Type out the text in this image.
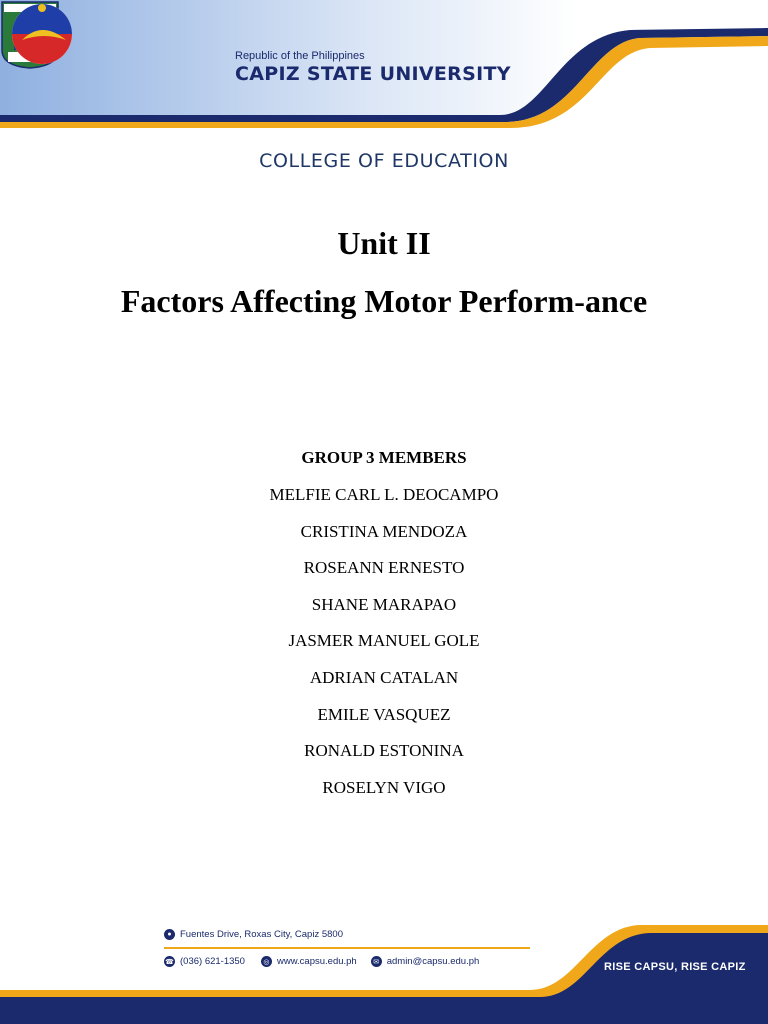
Republic of the Philippines
CAPIZ STATE UNIVERSITY
COLLEGE OF EDUCATION
Unit II
Factors Affecting Motor Perform-ance
GROUP 3 MEMBERS
MELFIE CARL L. DEOCAMPO
CRISTINA MENDOZA
ROSEANN ERNESTO
SHANE MARAPAO
JASMER MANUEL GOLE
ADRIAN CATALAN
EMILE VASQUEZ
RONALD ESTONINA
ROSELYN VIGO
● Fuentes Drive, Roxas City, Capiz 5800
☎ (036) 621-1350	◎ www.capsu.edu.ph	✉ admin@capsu.edu.ph	RISE CAPSU, RISE CAPIZ
